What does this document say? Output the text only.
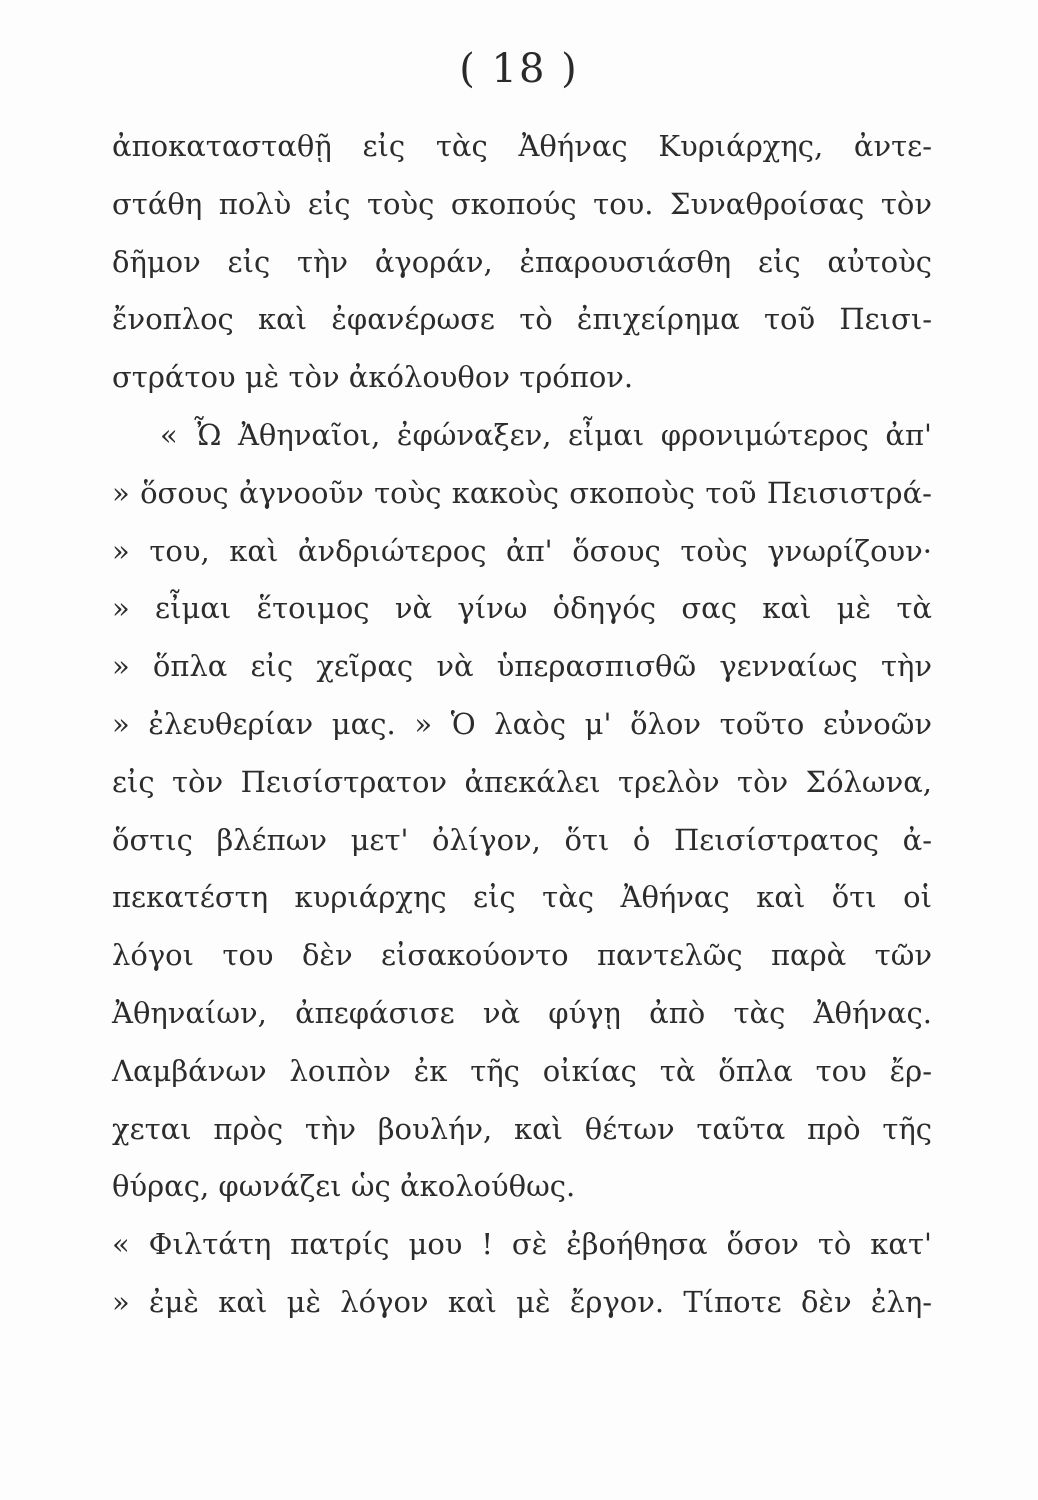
( 18 )
ἀποκατασταθῇ εἰς τὰς Ἀθήνας Κυριάρχης, ἀντε-
στάθη πολὺ εἰς τοὺς σκοπούς του. Συναθροίσας τὸν
δῆμον εἰς τὴν ἀγοράν, ἐπαρουσιάσθη εἰς αὐτοὺς
ἔνοπλος καὶ ἐφανέρωσε τὸ ἐπιχείρημα τοῦ Πεισι-
στράτου μὲ τὸν ἀκόλουθον τρόπον.
« Ὦ Ἀθηναῖοι, ἐφώναξεν, εἶμαι φρονιμώτερος ἀπ'
» ὅσους ἀγνοοῦν τοὺς κακοὺς σκοποὺς τοῦ Πεισιστρά-
» του, καὶ ἀνδριώτερος ἀπ' ὅσους τοὺς γνωρίζουν·
» εἶμαι ἕτοιμος νὰ γίνω ὁδηγός σας καὶ μὲ τὰ
» ὅπλα εἰς χεῖρας νὰ ὑπερασπισθῶ γενναίως τὴν
» ἐλευθερίαν μας. » Ὁ λαὸς μ' ὅλον τοῦτο εὐνοῶν
εἰς τὸν Πεισίστρατον ἀπεκάλει τρελὸν τὸν Σόλωνα,
ὅστις βλέπων μετ' ὀλίγον, ὅτι ὁ Πεισίστρατος ἀ-
πεκατέστη κυριάρχης εἰς τὰς Ἀθήνας καὶ ὅτι οἱ
λόγοι του δὲν εἰσακούοντο παντελῶς παρὰ τῶν
Ἀθηναίων, ἀπεφάσισε νὰ φύγῃ ἀπὸ τὰς Ἀθήνας.
Λαμβάνων λοιπὸν ἐκ τῆς οἰκίας τὰ ὅπλα του ἔρ-
χεται πρὸς τὴν βουλήν, καὶ θέτων ταῦτα πρὸ τῆς
θύρας, φωνάζει ὡς ἀκολούθως.
« Φιλτάτη πατρίς μου ! σὲ ἐβοήθησα ὅσον τὸ κατ'
» ἐμὲ καὶ μὲ λόγον καὶ μὲ ἔργον. Τίποτε δὲν ἐλη-
